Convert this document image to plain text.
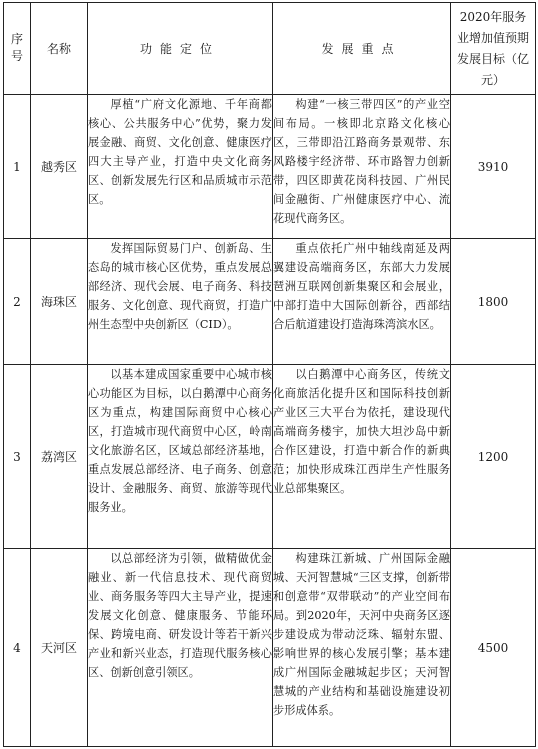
序号	名称	功能定位	发展重点	2020年服务业增加值预期发展目标（亿元）

1	越秀区	厚植“广府文化源地、千年商都核心、公共服务中心”优势，聚力发展金融、商贸、文化创意、健康医疗四大主导产业，打造中央文化商务区、创新发展先行区和品质城市示范区。	构建“一核三带四区”的产业空间布局。一核即北京路文化核心区，三带即沿江路商务景观带、东风路楼宇经济带、环市路智力创新带，四区即黄花岗科技园、广州民间金融街、广州健康医疗中心、流花现代商务区。	3910
2	海珠区	发挥国际贸易门户、创新岛、生态岛的城市核心区优势，重点发展总部经济、现代会展、电子商务、科技服务、文化创意、现代商贸，打造广州生态型中央创新区（CID）。	重点依托广州中轴线南延及两翼建设高端商务区，东部大力发展琶洲互联网创新集聚区和会展业，中部打造中大国际创新谷，西部结合后航道建设打造海珠湾滨水区。	1800
3	荔湾区	以基本建成国家重要中心城市核心功能区为目标，以白鹅潭中心商务区为重点，构建国际商贸中心核心区，打造城市现代商贸中心区，岭南文化旅游名区，区域总部经济基地，重点发展总部经济、电子商务、创意设计、金融服务、商贸、旅游等现代服务业。	以白鹅潭中心商务区，传统文化商旅活化提升区和国际科技创新产业区三大平台为依托，建设现代高端商务楼宇，加快大坦沙岛中新合作区建设，打造中新合作的新典范；加快形成珠江西岸生产性服务业总部集聚区。	1200
4	天河区	以总部经济为引领，做精做优金融业、新一代信息技术、现代商贸业、商务服务等四大主导产业，提速发展文化创意、健康服务、节能环保、跨境电商、研发设计等若干新兴产业和新兴业态，打造现代服务核心区、创新创意引领区。	构建珠江新城、广州国际金融城、天河智慧城“三区支撑，创新带和创意带“双带联动”的产业空间布局。到2020年，天河中央商务区逐步建设成为带动泛珠、辐射东盟、影响世界的核心发展引擎；基本建成广州国际金融城起步区；天河智慧城的产业结构和基础设施建设初步形成体系。	4500
